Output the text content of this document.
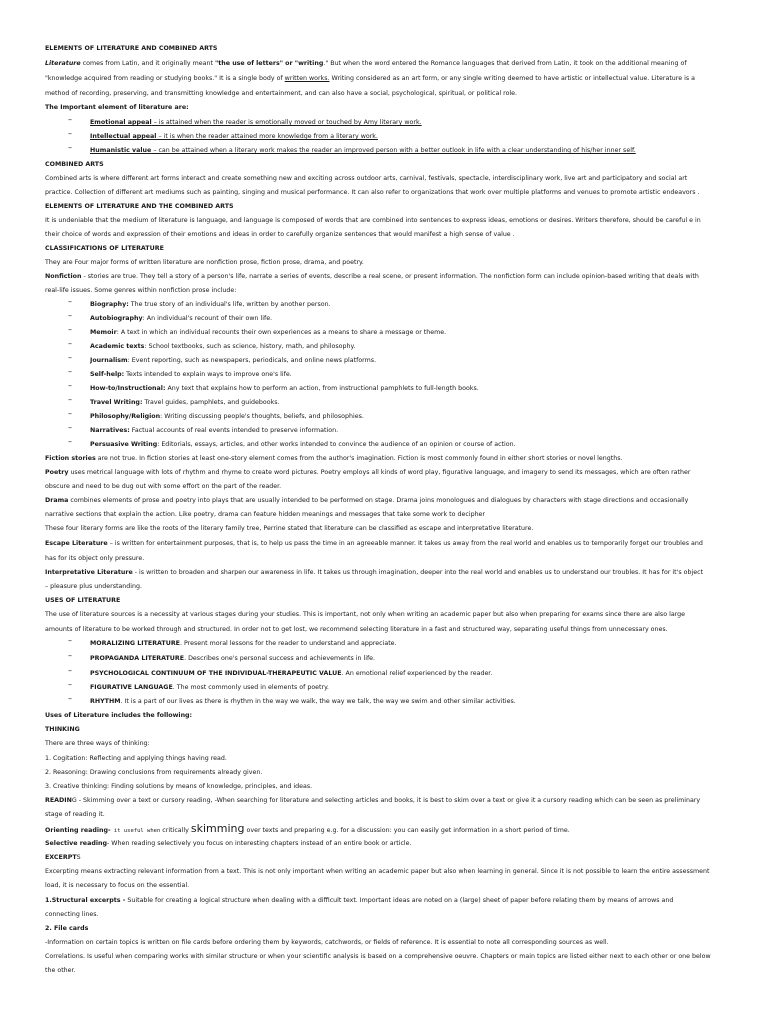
ELEMENTS OF LITERATURE AND COMBINED ARTS
Literature comes from Latin, and it originally meant "the use of letters" or "writing." But when the word entered the Romance languages that derived from Latin, it took on the additional meaning of
"knowledge acquired from reading or studying books." It is a single body of written works. Writing considered as an art form, or any single writing deemed to have artistic or intellectual value. Literature is a
method of recording, preserving, and transmitting knowledge and entertainment, and can also have a social, psychological, spiritual, or political role.
The Important element of literature are:
–	Emotional appeal – is attained when the reader is emotionally moved or touched by Amy literary work.
–	Intellectual appeal – it is when the reader attained more knowledge from a literary work.
–	Humanistic value – can be attained when a literary work makes the reader an improved person with a better outlook in life with a clear understanding of his/her inner self.
COMBINED ARTS
Combined arts is where different art forms interact and create something new and exciting across outdoor arts, carnival, festivals, spectacle, interdisciplinary work, live art and participatory and social art
practice. Collection of different art mediums such as painting, singing and musical performance. It can also refer to organizations that work over multiple platforms and venues to promote artistic endeavors .
ELEMENTS OF LITERATURE AND THE COMBINED ARTS
It is undeniable that the medium of literature is language, and language is composed of words that are combined into sentences to express ideas, emotions or desires. Writers therefore, should be careful e in
their choice of words and expression of their emotions and ideas in order to carefully organize sentences that would manifest a high sense of value .
CLASSIFICATIONS OF LITERATURE
They are Four major forms of written literature are nonfiction prose, fiction prose, drama, and poetry.
Nonfiction - stories are true. They tell a story of a person's life, narrate a series of events, describe a real scene, or present information. The nonfiction form can include opinion-based writing that deals with
real-life issues. Some genres within nonfiction prose include:
–	Biography: The true story of an individual's life, written by another person.
–	Autobiography: An individual's recount of their own life.
–	Memoir: A text in which an individual recounts their own experiences as a means to share a message or theme.
–	Academic texts: School textbooks, such as science, history, math, and philosophy.
–	Journalism: Event reporting, such as newspapers, periodicals, and online news platforms.
–	Self-help: Texts intended to explain ways to improve one's life.
–	How-to/Instructional: Any text that explains how to perform an action, from instructional pamphlets to full-length books.
–	Travel Writing: Travel guides, pamphlets, and guidebooks.
–	Philosophy/Religion: Writing discussing people's thoughts, beliefs, and philosophies.
–	Narratives: Factual accounts of real events intended to preserve information.
–	Persuasive Writing: Editorials, essays, articles, and other works intended to convince the audience of an opinion or course of action.
Fiction stories are not true. In fiction stories at least one-story element comes from the author's imagination. Fiction is most commonly found in either short stories or novel lengths.
Poetry uses metrical language with lots of rhythm and rhyme to create word pictures. Poetry employs all kinds of word play, figurative language, and imagery to send its messages, which are often rather
obscure and need to be dug out with some effort on the part of the reader.
Drama combines elements of prose and poetry into plays that are usually intended to be performed on stage. Drama joins monologues and dialogues by characters with stage directions and occasionally
narrative sections that explain the action. Like poetry, drama can feature hidden meanings and messages that take some work to decipher
These four literary forms are like the roots of the literary family tree, Perrine stated that literature can be classified as escape and interpretative literature.
Escape Literature – is written for entertainment purposes, that is, to help us pass the time in an agreeable manner. It takes us away from the real world and enables us to temporarily forget our troubles and
has for its object only pressure.
Interpretative Literature - is written to broaden and sharpen our awareness in life. It takes us through imagination, deeper into the real world and enables us to understand our troubles. It has for it's object
– pleasure plus understanding.
USES OF LITERATURE
The use of literature sources is a necessity at various stages during your studies. This is important, not only when writing an academic paper but also when preparing for exams since there are also large
amounts of literature to be worked through and structured. In order not to get lost, we recommend selecting literature in a fast and structured way, separating useful things from unnecessary ones.
–	MORALIZING LITERATURE. Present moral lessons for the reader to understand and appreciate.
–	PROPAGANDA LITERATURE. Describes one's personal success and achievements in life.
–	PSYCHOLOGICAL CONTINUUM OF THE INDIVIDUAL-THERAPEUTIC VALUE. An emotional relief experienced by the reader.
–	FIGURATIVE LANGUAGE. The most commonly used in elements of poetry.
–	RHYTHM. It is a part of our lives as there is rhythm in the way we walk, the way we talk, the way we swim and other similar activities.
Uses of Literature includes the following:
THINKING
There are three ways of thinking:
1. Cogitation: Reflecting and applying things having read.
2. Reasoning: Drawing conclusions from requirements already given.
3. Creative thinking: Finding solutions by means of knowledge, principles, and ideas.
READING - Skimming over a text or cursory reading, -When searching for literature and selecting articles and books, it is best to skim over a text or give it a cursory reading which can be seen as preliminary
stage of reading it.
Orienting reading- it useful when critically skimming over texts and preparing e.g. for a discussion: you can easily get information in a short period of time.
Selective reading- When reading selectively you focus on interesting chapters instead of an entire book or article.
EXCERPTS
Excerpting means extracting relevant information from a text. This is not only important when writing an academic paper but also when learning in general. Since it is not possible to learn the entire assessment
load, it is necessary to focus on the essential.
1.Structural excerpts - Suitable for creating a logical structure when dealing with a difficult text. Important ideas are noted on a (large) sheet of paper before relating them by means of arrows and
connecting lines.
2. File cards
-Information on certain topics is written on file cards before ordering them by keywords, catchwords, or fields of reference. It is essential to note all corresponding sources as well.
Correlations. Is useful when comparing works with similar structure or when your scientific analysis is based on a comprehensive oeuvre. Chapters or main topics are listed either next to each other or one below
the other.
